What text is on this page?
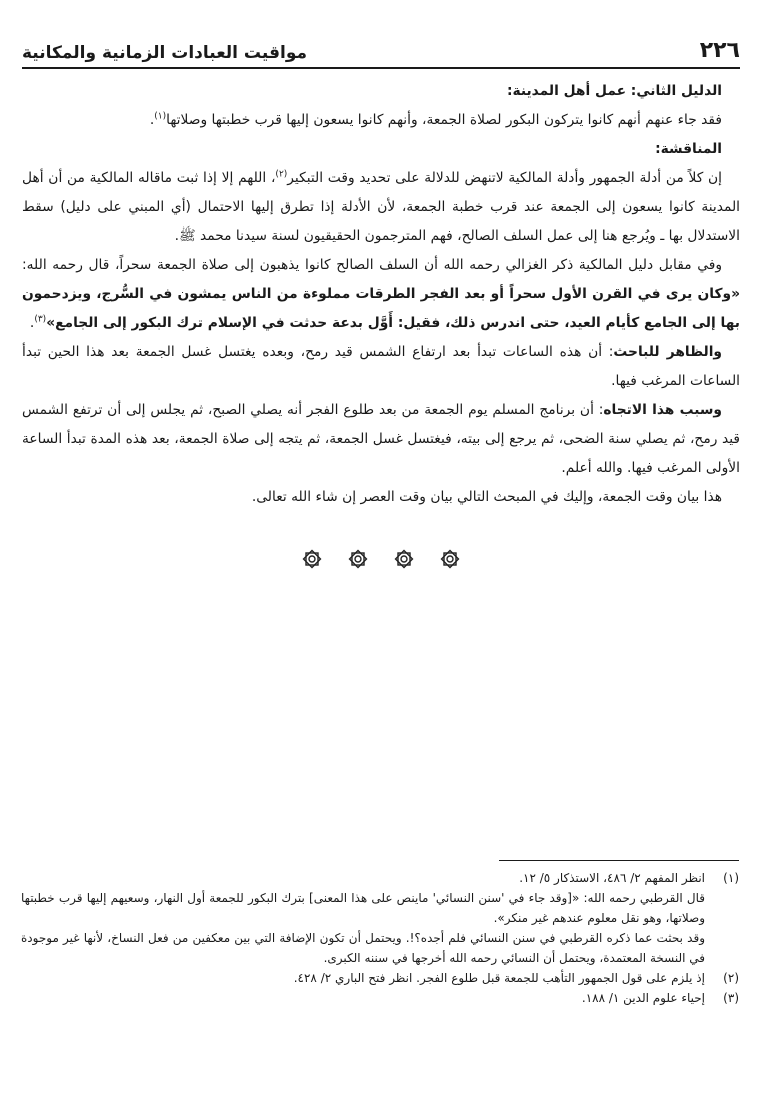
٢٢٦
مواقيت العبادات الزمانية والمكانية

الدليل الثاني: عمل أهل المدينة:

فقد جاء عنهم أنهم كانوا يتركون البكور لصلاة الجمعة، وأنهم كانوا يسعون إليها قرب خطبتها وصلاتها$^{(١)}$.

المناقشة:

إن كلاً من أدلة الجمهور وأدلة المالكية لاتنهض للدلالة على تحديد وقت التبكير$^{(٢)}$، اللهم إلا إذا ثبت ماقاله المالكية من أن أهل المدينة كانوا يسعون إلى الجمعة عند قرب خطبة الجمعة، لأن الأدلة إذا تطرق إليها الاحتمال (أي المبني على دليل) سقط الاستدلال بها ـ ويُرجع هنا إلى عمل السلف الصالح، فهم المترجمون الحقيقيون لسنة سيدنا محمد ﷺ.

وفي مقابل دليل المالكية ذكر الغزالي رحمه الله أن السلف الصالح كانوا يذهبون إلى صلاة الجمعة سحراً، قال رحمه الله: «وكان يرى في القرن الأول سحراً أو بعد الفجر الطرقات مملوءة من الناس يمشون في السُّرج، ويزدحمون بها إلى الجامع كأيام العيد، حتى اندرس ذلك، فقيل: أَوَّل بدعة حدثت في الإسلام ترك البكور إلى الجامع»$^{(٣)}$.

والظاهر للباحث: أن هذه الساعات تبدأ بعد ارتفاع الشمس قيد رمح، وبعده يغتسل غسل الجمعة بعد هذا الحين تبدأ الساعات المرغب فيها.

وسبب هذا الاتجاه: أن برنامج المسلم يوم الجمعة من بعد طلوع الفجر أنه يصلي الصبح، ثم يجلس إلى أن ترتفع الشمس قيد رمح، ثم يصلي سنة الضحى، ثم يرجع إلى بيته، فيغتسل غسل الجمعة، ثم يتجه إلى صلاة الجمعة، بعد هذه المدة تبدأ الساعة الأولى المرغب فيها. والله أعلم.

هذا بيان وقت الجمعة، وإليك في المبحث التالي بيان وقت العصر إن شاء الله تعالى.

(١)
انظر المفهم ٢/ ٤٨٦، الاستذكار ٥/ ١٢.

قال القرطبي رحمه الله: «[وقد جاء في 'سنن النسائي' ماينص على هذا المعنى] بترك البكور للجمعة أول النهار، وسعيهم إليها قرب خطبتها وصلاتها، وهو نقل معلوم عندهم غير منكر».

وقد بحثت عما ذكره القرطبي في سنن النسائي فلم أجده؟!. ويحتمل أن تكون الإضافة التي بين معكفين من فعل النساخ، لأنها غير موجودة في النسخة المعتمدة، ويحتمل أن النسائي رحمه الله أخرجها في سننه الكبرى.

(٢)
إذ يلزم على قول الجمهور التأهب للجمعة قبل طلوع الفجر. انظر فتح الباري ٢/ ٤٢٨.
(٣)
إحياء علوم الدين ١/ ١٨٨.
